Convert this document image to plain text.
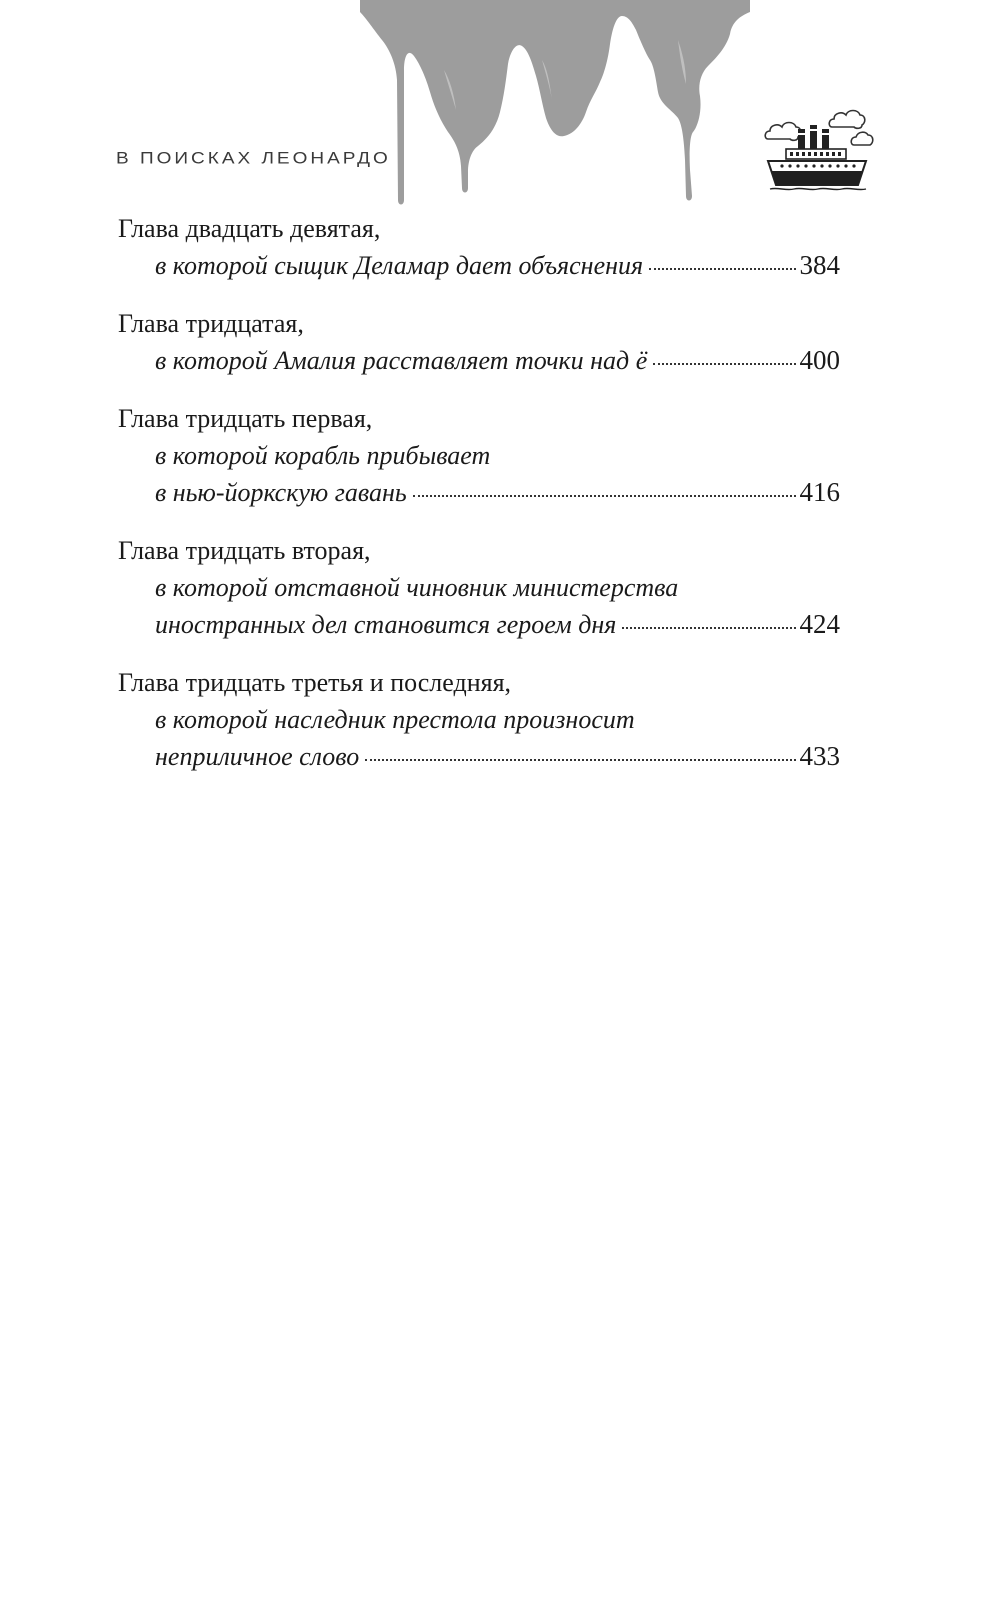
В ПОИСКАХ ЛЕОНАРДО
Глава двадцать девятая,
в которой сыщик Деламар дает объяснения	384
Глава тридцатая,
в которой Амалия расставляет точки над ё	400
Глава тридцать первая,
в которой корабль прибывает
в нью-йоркскую гавань	416
Глава тридцать вторая,
в которой отставной чиновник министерства
иностранных дел становится героем дня	424
Глава тридцать третья и последняя,
в которой наследник престола произносит
неприличное слово	433
